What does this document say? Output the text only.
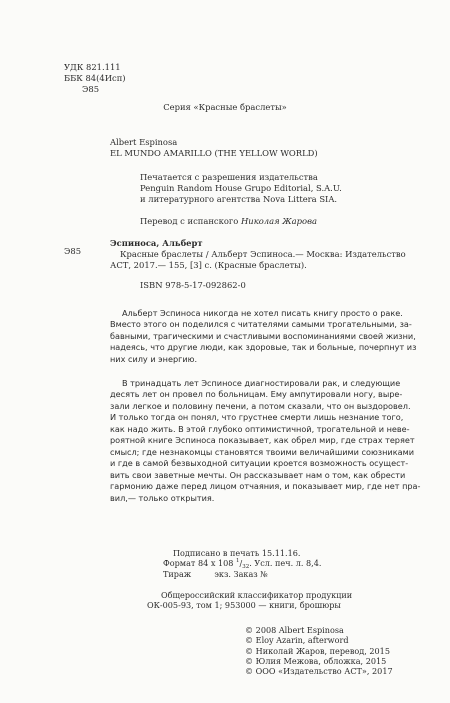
УДК 821.111
ББК 84(4Исп)
Э85
Серия «Красные браслеты»
Albert Espinosa
EL MUNDO AMARILLO (THE YELLOW WORLD)
Печатается с разрешения издательства
Penguin Random House Grupo Editorial, S.A.U.
и литературного агентства Nova Litterа SIA.
Перевод с испанского Николая Жарова
Э85
Эспиноса, Альберт
Красные браслеты / Альберт Эспиноса.— Москва: Издательство
АСТ, 2017.— 155, [3] с. (Красные браслеты).
ISBN 978-5-17-092862-0
Альберт Эспиноса никогда не хотел писать книгу просто о раке.
Вместо этого он поделился с читателями самыми трогательными, за-
бавными, трагическими и счастливыми воспоминаниями своей жизни,
надеясь, что другие люди, как здоровые, так и больные, почерпнут из
них силу и энергию.
В тринадцать лет Эспиносе диагностировали рак, и следующие
десять лет он провел по больницам. Ему ампутировали ногу, выре-
зали легкое и половину печени, а потом сказали, что он выздоровел.
И только тогда он понял, что грустнее смерти лишь незнание того,
как надо жить. В этой глубоко оптимистичной, трогательной и невe-
роятной книге Эспиноса показывает, как обрел мир, где страх теряет
смысл; где незнакомцы становятся твоими величайшими союзниками
и где в самой безвыходной ситуации кроется возможность осущест-
вить свои заветные мечты. Он рассказывает нам о том, как обрести
гармонию даже перед лицом отчаяния, и показывает мир, где нет пра-
вил,— только открытия.
Подписано в печать 15.11.16.
Формат 84 x 108 $^1/_{32}$. Усл. печ. л. 8,4.
Тираж         экз. Заказ №
Общероссийский классификатор продукции
ОК-005-93, том 1; 953000 — книги, брошюры
© 2008 Albert Espinosa
© Eloy Azarin, afterword
© Николай Жаров, перевод, 2015
© Юлия Межова, обложка, 2015
© ООО «Издательство АСТ», 2017
